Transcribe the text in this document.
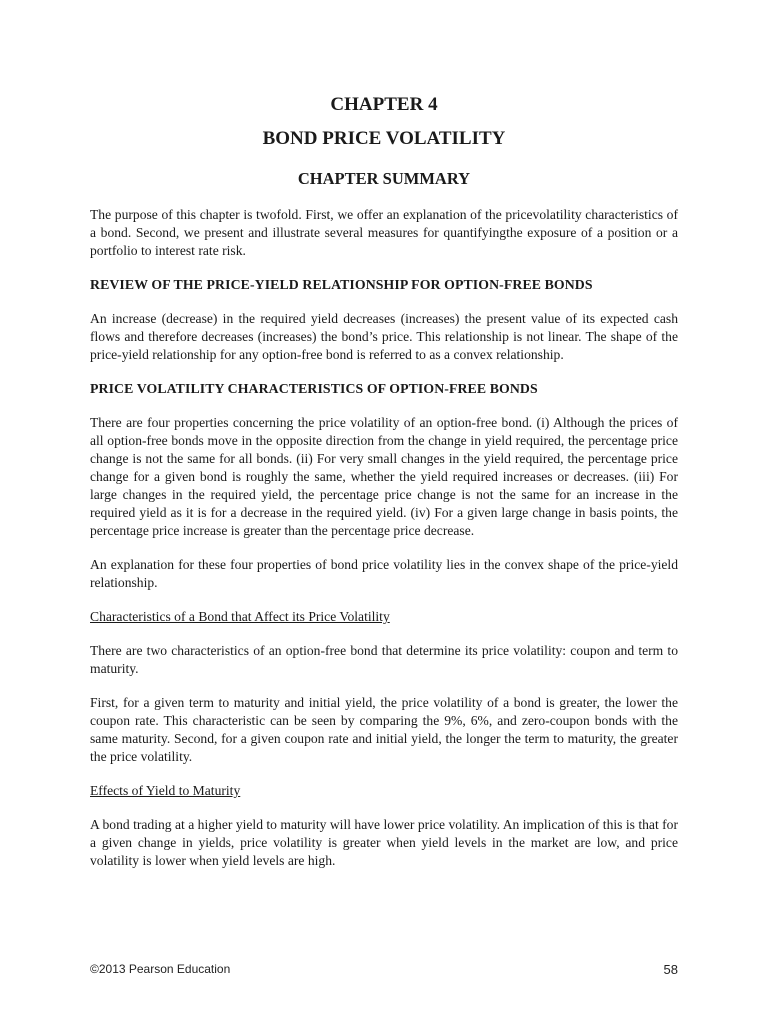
CHAPTER 4
BOND PRICE VOLATILITY
CHAPTER SUMMARY

The purpose of this chapter is twofold. First, we offer an explanation of the pricevolatility characteristics of a bond. Second, we present and illustrate several measures for quantifyingthe exposure of a position or a portfolio to interest rate risk.

REVIEW OF THE PRICE-YIELD RELATIONSHIP FOR OPTION-FREE BONDS

An increase (decrease) in the required yield decreases (increases) the present value of its expected cash flows and therefore decreases (increases) the bond’s price. This relationship is not linear. The shape of the price-yield relationship for any option-free bond is referred to as a convex relationship.

PRICE VOLATILITY CHARACTERISTICS OF OPTION-FREE BONDS

There are four properties concerning the price volatility of an option-free bond. (i) Although the prices of all option-free bonds move in the opposite direction from the change in yield required, the percentage price change is not the same for all bonds. (ii) For very small changes in the yield required, the percentage price change for a given bond is roughly the same, whether the yield required increases or decreases. (iii) For large changes in the required yield, the percentage price change is not the same for an increase in the required yield as it is for a decrease in the required yield. (iv) For a given large change in basis points, the percentage price increase is greater than the percentage price decrease.

An explanation for these four properties of bond price volatility lies in the convex shape of the price-yield relationship.

Characteristics of a Bond that Affect its Price Volatility

There are two characteristics of an option-free bond that determine its price volatility: coupon and term to maturity.

First, for a given term to maturity and initial yield, the price volatility of a bond is greater, the lower the coupon rate. This characteristic can be seen by comparing the 9%, 6%, and zero-coupon bonds with the same maturity. Second, for a given coupon rate and initial yield, the longer the term to maturity, the greater the price volatility.

Effects of Yield to Maturity

A bond trading at a higher yield to maturity will have lower price volatility. An implication of this is that for a given change in yields, price volatility is greater when yield levels in the market are low, and price volatility is lower when yield levels are high.

©2013 Pearson Education	58
